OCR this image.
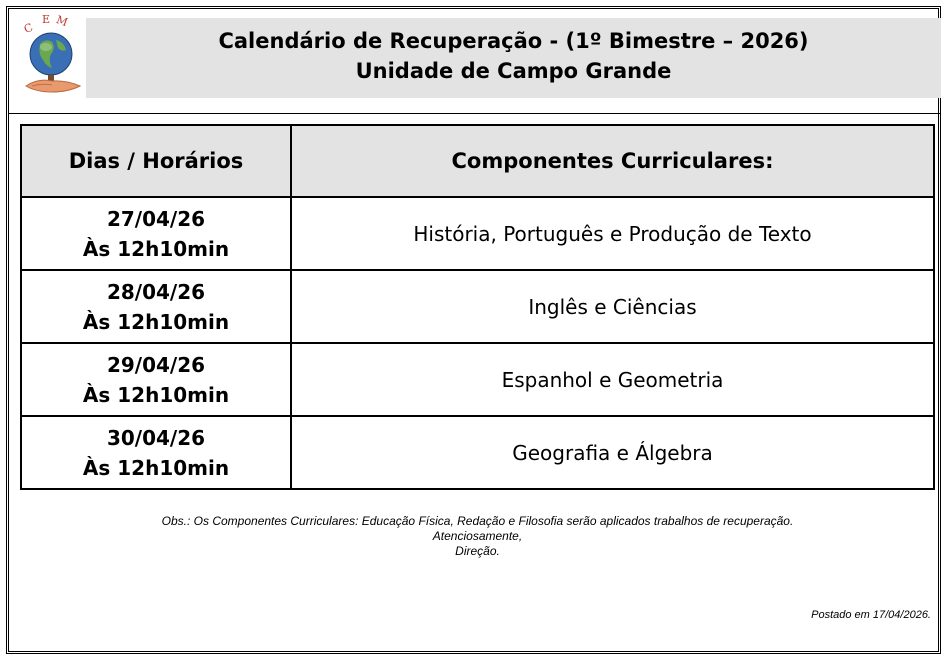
C
E M
Calendário de Recuperação - (1º Bimestre – 2026)
Unidade de Campo Grande
Dias / Horários	Componentes Curriculares:

27/04/26
Às 12h10min	História, Português e Produção de Texto

28/04/26
Às 12h10min	Inglês e Ciências

29/04/26
Às 12h10min	Espanhol e Geometria

30/04/26
Às 12h10min	Geografia e Álgebra
Obs.: Os Componentes Curriculares: Educação Física, Redação e Filosofia serão aplicados trabalhos de recuperação.
Atenciosamente,
Direção.
Postado em 17/04/2026.
